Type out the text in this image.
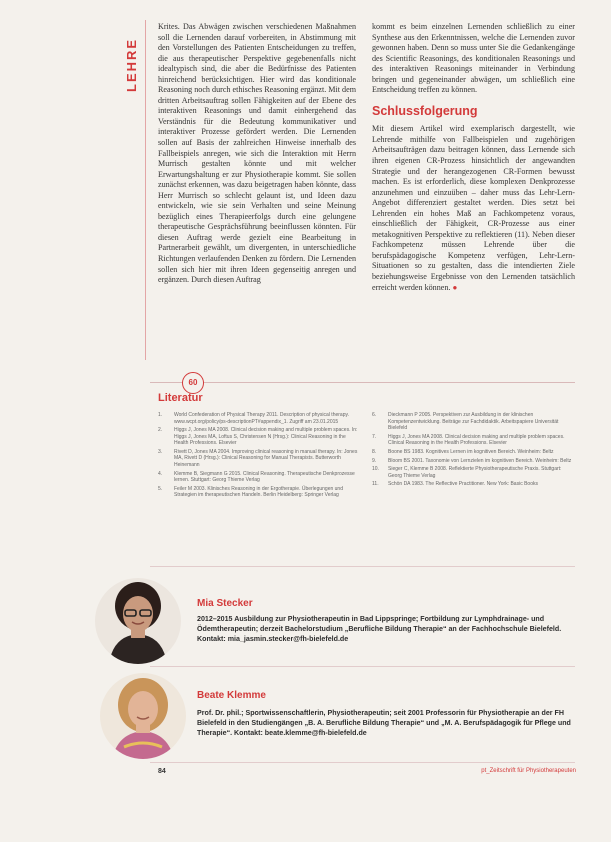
LEHRE

Krites. Das Abwägen zwischen verschiedenen Maßnahmen soll die Lernenden darauf vorbereiten, in Abstimmung mit den Vorstellungen des Patienten Entscheidungen zu treffen, die aus therapeutischer Perspektive gegebenenfalls nicht idealtypisch sind, die aber die Bedürfnisse des Patienten hinreichend berücksichtigen. Hier wird das konditionale Reasoning noch durch ethisches Reasoning ergänzt. Mit dem dritten Arbeitsauftrag sollen Fähigkeiten auf der Ebene des interaktiven Reasonings und damit einhergehend das Verständnis für die Bedeutung kommunikativer und interaktiver Prozesse gefördert werden. Die Lernenden sollen auf Basis der zahlreichen Hinweise innerhalb des Fallbeispiels anregen, wie sich die Interaktion mit Herrn Murrisch gestalten könnte und mit welcher Erwartungshaltung er zur Physiotherapie kommt. Sie sollen zunächst erkennen, was dazu beigetragen haben könnte, dass Herr Murrisch so schlecht gelaunt ist, und Ideen dazu entwickeln, wie sie sein Verhalten und seine Meinung bezüglich eines Therapieerfolgs durch eine gelungene therapeutische Gesprächsführung beeinflussen könnten. Für diesen Auftrag werde gezielt eine Bearbeitung in Partnerarbeit gewählt, um divergenten, in unterschiedliche Richtungen verlaufenden Denken zu fördern. Die Lernenden sollen sich hier mit ihren Ideen gegenseitig anregen und ergänzen. Durch diesen Auftrag

kommt es beim einzelnen Lernenden schließlich zu einer Synthese aus den Erkenntnissen, welche die Lernenden zuvor gewonnen haben. Denn so muss unter Sie die Gedankengänge des Scientific Reasonings, des konditionalen Reasonings und des interaktiven Reasonings miteinander in Verbindung bringen und gegeneinander abwägen, um schließlich eine Entscheidung treffen zu können.

Schlussfolgerung

Mit diesem Artikel wird exemplarisch dargestellt, wie Lehrende mithilfe von Fallbeispielen und zugehörigen Arbeitsaufträgen dazu beitragen können, dass Lernende sich ihren eigenen CR-Prozess hinsichtlich der angewandten Strategie und der herangezogenen CR-Formen bewusst machen. Es ist erforderlich, diese komplexen Denkprozesse anzunehmen und einzuüben – daher muss das Lehr-Lern-Angebot differenziert gestaltet werden. Dies setzt bei Lehrenden ein hohes Maß an Fachkompetenz voraus, einschließlich der Fähigkeit, CR-Prozesse aus einer metakognitiven Perspektive zu reflektieren (11). Neben dieser Fachkompetenz müssen Lehrende über die berufspädagogische Kompetenz verfügen, Lehr-Lern-Situationen so zu gestalten, dass die intendierten Ziele beziehungsweise Ergebnisse von den Lernenden tatsächlich erreicht werden können. ●

60
Literatur
1. World Confederation of Physical Therapy 2011. Description of physical therapy. www.wcpt.org/policy/ps-descriptionPT#appendix_1. Zugriff am 23.01.2015
2. Higgs J, Jones MA 2008. Clinical decision making and multiple problem spaces. In: Higgs J, Jones MA, Loftus S, Christensen N (Hrsg.): Clinical Reasoning in the Health Professions. Elsevier
3. Rivett D, Jones MA 2004. Improving clinical reasoning in manual therapy. In: Jones MA, Rivett D (Hrsg.): Clinical Reasoning for Manual Therapists. Butterworth Heinemann
4. Klemme B, Siegmann G 2015. Clinical Reasoning. Therapeutische Denkprozesse lernen. Stuttgart: Georg Thieme Verlag
5. Feiler M 2003. Klinisches Reasoning in der Ergotherapie. Überlegungen und Strategien im therapeutischen Handeln. Berlin Heidelberg: Springer Verlag
6. Dieckmann P 2005. Perspektiven zur Ausbildung in der klinischen Kompetenzentwicklung. Beiträge zur Fachdidaktik. Arbeitspapiere Universität Bielefeld
7. Higgs J, Jones MA 2008. Clinical decision making and multiple problem spaces. Clinical Reasoning in the Health Professions. Elsevier
8. Boone BS 1983. Kognitives Lernen im kognitiven Bereich. Weinheim: Beltz
9. Bloom BS 2001. Taxonomie von Lernzielen im kognitiven Bereich. Weinheim: Beltz
10. Sieger C, Klemme B 2008. Reflektierte Physiotherapeutische Praxis. Stuttgart: Georg Thieme Verlag
11. Schön DA 1983. The Reflective Practitioner. New York: Basic Books
Mia Stecker
2012–2015 Ausbildung zur Physiotherapeutin in Bad Lippspringe; Fortbildung zur Lymphdrainage- und Ödemtherapeutin; derzeit Bachelorstudium „Berufliche Bildung Therapie“ an der Fachhochschule Bielefeld. Kontakt: mia_jasmin.stecker@fh-bielefeld.de
Beate Klemme
Prof. Dr. phil.; Sportwissenschaftlerin, Physiotherapeutin; seit 2001 Professorin für Physiotherapie an der FH Bielefeld in den Studiengängen „B. A. Berufliche Bildung Therapie“ und „M. A. Berufspädagogik für Pflege und Therapie“. Kontakt: beate.klemme@fh-bielefeld.de
84	pt_Zeitschrift für Physiotherapeuten
